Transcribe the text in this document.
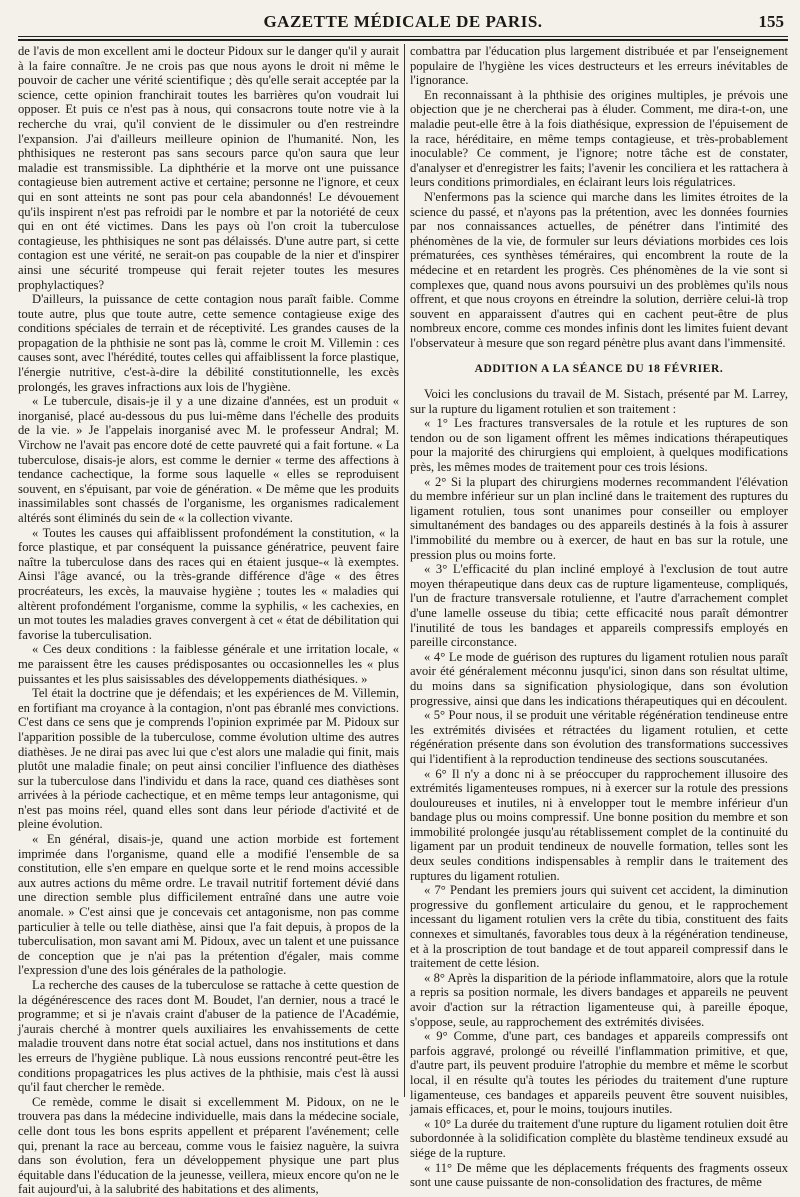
GAZETTE MÉDICALE DE PARIS.	155

de l'avis de mon excellent ami le docteur Pidoux sur le danger qu'il y aurait à la faire connaître. Je ne crois pas que nous ayons le droit ni même le pouvoir de cacher une vérité scientifique ; dès qu'elle serait acceptée par la science, cette opinion franchirait toutes les barrières qu'on voudrait lui opposer. Et puis ce n'est pas à nous, qui consacrons toute notre vie à la recherche du vrai, qu'il convient de le dissimuler ou d'en restreindre l'expansion. J'ai d'ailleurs meilleure opinion de l'humanité. Non, les phthisiques ne resteront pas sans secours parce qu'on saura que leur maladie est transmissible. La diphthérie et la morve ont une puissance contagieuse bien autrement active et certaine; personne ne l'ignore, et ceux qui en sont atteints ne sont pas pour cela abandonnés! Le dévouement qu'ils inspirent n'est pas refroidi par le nombre et par la notoriété de ceux qui en ont été victimes. Dans les pays où l'on croit la tuberculose contagieuse, les phthisiques ne sont pas délaissés. D'une autre part, si cette contagion est une vérité, ne serait-on pas coupable de la nier et d'inspirer ainsi une sécurité trompeuse qui ferait rejeter toutes les mesures prophylactiques?

D'ailleurs, la puissance de cette contagion nous paraît faible. Comme toute autre, plus que toute autre, cette semence contagieuse exige des conditions spéciales de terrain et de réceptivité. Les grandes causes de la propagation de la phthisie ne sont pas là, comme le croit M. Villemin : ces causes sont, avec l'hérédité, toutes celles qui affaiblissent la force plastique, l'énergie nutritive, c'est-à-dire la débilité constitutionnelle, les excès prolongés, les graves infractions aux lois de l'hygiène.

« Le tubercule, disais-je il y a une dizaine d'années, est un produit « inorganisé, placé au-dessous du pus lui-même dans l'échelle des produits de la vie. » Je l'appelais inorganisé avec M. le professeur Andral; M. Virchow ne l'avait pas encore doté de cette pauvreté qui a fait fortune. « La tuberculose, disais-je alors, est comme le dernier « terme des affections à tendance cachectique, la forme sous laquelle « elles se reproduisent souvent, en s'épuisant, par voie de génération. « De même que les produits inassimilables sont chassés de l'organisme, les organismes radicalement altérés sont éliminés du sein de « la collection vivante.

« Toutes les causes qui affaiblissent profondément la constitution, « la force plastique, et par conséquent la puissance génératrice, peuvent faire naître la tuberculose dans des races qui en étaient jusque-« là exemptes. Ainsi l'âge avancé, ou la très-grande différence d'âge « des êtres procréateurs, les excès, la mauvaise hygiène ; toutes les « maladies qui altèrent profondément l'organisme, comme la syphilis, « les cachexies, en un mot toutes les maladies graves convergent à cet « état de débilitation qui favorise la tuberculisation.

« Ces deux conditions : la faiblesse générale et une irritation locale, « me paraissent être les causes prédisposantes ou occasionnelles les « plus puissantes et les plus saisissables des développements diathésiques. »

Tel était la doctrine que je défendais; et les expériences de M. Villemin, en fortifiant ma croyance à la contagion, n'ont pas ébranlé mes convictions. C'est dans ce sens que je comprends l'opinion exprimée par M. Pidoux sur l'apparition possible de la tuberculose, comme évolution ultime des autres diathèses. Je ne dirai pas avec lui que c'est alors une maladie qui finit, mais plutôt une maladie finale; on peut ainsi concilier l'influence des diathèses sur la tuberculose dans l'individu et dans la race, quand ces diathèses sont arrivées à la période cachectique, et en même temps leur antagonisme, qui n'est pas moins réel, quand elles sont dans leur période d'activité et de pleine évolution.

« En général, disais-je, quand une action morbide est fortement imprimée dans l'organisme, quand elle a modifié l'ensemble de sa constitution, elle s'en empare en quelque sorte et le rend moins accessible aux autres actions du même ordre. Le travail nutritif fortement dévié dans une direction semble plus difficilement entraîné dans une autre voie anomale. » C'est ainsi que je concevais cet antagonisme, non pas comme particulier à telle ou telle diathèse, ainsi que l'a fait depuis, à propos de la tuberculisation, mon savant ami M. Pidoux, avec un talent et une puissance de conception que je n'ai pas la prétention d'égaler, mais comme l'expression d'une des lois générales de la pathologie.

La recherche des causes de la tuberculose se rattache à cette question de la dégénérescence des races dont M. Boudet, l'an dernier, nous a tracé le programme; et si je n'avais craint d'abuser de la patience de l'Académie, j'aurais cherché à montrer quels auxiliaires les envahissements de cette maladie trouvent dans notre état social actuel, dans nos institutions et dans les erreurs de l'hygiène publique. Là nous eussions rencontré peut-être les conditions propagatrices les plus actives de la phthisie, mais c'est là aussi qu'il faut chercher le remède.

Ce remède, comme le disait si excellemment M. Pidoux, on ne le trouvera pas dans la médecine individuelle, mais dans la médecine sociale, celle dont tous les bons esprits appellent et préparent l'avénement; celle qui, prenant la race au berceau, comme vous le faisiez naguère, la suivra dans son évolution, fera un développement physique une part plus équitable dans l'éducation de la jeunesse, veillera, mieux encore qu'on ne le fait aujourd'ui, à la salubrité des habitations et des aliments,

combattra par l'éducation plus largement distribuée et par l'enseignement populaire de l'hygiène les vices destructeurs et les erreurs inévitables de l'ignorance.

En reconnaissant à la phthisie des origines multiples, je prévois une objection que je ne chercherai pas à éluder. Comment, me dira-t-on, une maladie peut-elle être à la fois diathésique, expression de l'épuisement de la race, héréditaire, en même temps contagieuse, et très-probablement inoculable? Ce comment, je l'ignore; notre tâche est de constater, d'analyser et d'enregistrer les faits; l'avenir les conciliera et les rattachera à leurs conditions primordiales, en éclairant leurs lois régulatrices.

N'enfermons pas la science qui marche dans les limites étroites de la science du passé, et n'ayons pas la prétention, avec les données fournies par nos connaissances actuelles, de pénétrer dans l'intimité des phénomènes de la vie, de formuler sur leurs déviations morbides ces lois prématurées, ces synthèses téméraires, qui encombrent la route de la médecine et en retardent les progrès. Ces phénomènes de la vie sont si complexes que, quand nous avons poursuivi un des problèmes qu'ils nous offrent, et que nous croyons en étreindre la solution, derrière celui-là trop souvent en apparaissent d'autres qui en cachent peut-être de plus nombreux encore, comme ces mondes infinis dont les limites fuient devant l'observateur à mesure que son regard pénètre plus avant dans l'immensité.

ADDITION A LA SÉANCE DU 18 FÉVRIER.

Voici les conclusions du travail de M. Sistach, présenté par M. Larrey, sur la rupture du ligament rotulien et son traitement :

« 1° Les fractures transversales de la rotule et les ruptures de son tendon ou de son ligament offrent les mêmes indications thérapeutiques pour la majorité des chirurgiens qui emploient, à quelques modifications près, les mêmes modes de traitement pour ces trois lésions.

« 2° Si la plupart des chirurgiens modernes recommandent l'élévation du membre inférieur sur un plan incliné dans le traitement des ruptures du ligament rotulien, tous sont unanimes pour conseiller ou employer simultanément des bandages ou des appareils destinés à la fois à assurer l'immobilité du membre ou à exercer, de haut en bas sur la rotule, une pression plus ou moins forte.

« 3° L'efficacité du plan incliné employé à l'exclusion de tout autre moyen thérapeutique dans deux cas de rupture ligamenteuse, compliqués, l'un de fracture transversale rotulienne, et l'autre d'arrachement complet d'une lamelle osseuse du tibia; cette efficacité nous paraît démontrer l'inutilité de tous les bandages et appareils compressifs employés en pareille circonstance.

« 4° Le mode de guérison des ruptures du ligament rotulien nous paraît avoir été généralement méconnu jusqu'ici, sinon dans son résultat ultime, du moins dans sa signification physiologique, dans son évolution progressive, ainsi que dans les indications thérapeutiques qui en découlent.

« 5° Pour nous, il se produit une véritable régénération tendineuse entre les extrémités divisées et rétractées du ligament rotulien, et cette régénération présente dans son évolution des transformations successives qui l'identifient à la reproduction tendineuse des sections souscutanées.

« 6° Il n'y a donc ni à se préoccuper du rapprochement illusoire des extrémités ligamenteuses rompues, ni à exercer sur la rotule des pressions douloureuses et inutiles, ni à envelopper tout le membre inférieur d'un bandage plus ou moins compressif. Une bonne position du membre et son immobilité prolongée jusqu'au rétablissement complet de la continuité du ligament par un produit tendineux de nouvelle formation, telles sont les deux seules conditions indispensables à remplir dans le traitement des ruptures du ligament rotulien.

« 7° Pendant les premiers jours qui suivent cet accident, la diminution progressive du gonflement articulaire du genou, et le rapprochement incessant du ligament rotulien vers la crête du tibia, constituent des faits connexes et simultanés, favorables tous deux à la régénération tendineuse, et à la proscription de tout bandage et de tout appareil compressif dans le traitement de cette lésion.

« 8° Après la disparition de la période inflammatoire, alors que la rotule a repris sa position normale, les divers bandages et appareils ne peuvent avoir d'action sur la rétraction ligamenteuse qui, à pareille époque, s'oppose, seule, au rapprochement des extrémités divisées.

« 9° Comme, d'une part, ces bandages et appareils compressifs ont parfois aggravé, prolongé ou réveillé l'inflammation primitive, et que, d'autre part, ils peuvent produire l'atrophie du membre et même le scorbut local, il en résulte qu'à toutes les périodes du traitement d'une rupture ligamenteuse, ces bandages et appareils peuvent être souvent nuisibles, jamais efficaces, et, pour le moins, toujours inutiles.

« 10° La durée du traitement d'une rupture du ligament rotulien doit être subordonnée à la solidification complète du blastème tendineux exsudé au siége de la rupture.

« 11° De même que les déplacements fréquents des fragments osseux sont une cause puissante de non-consolidation des fractures, de même
